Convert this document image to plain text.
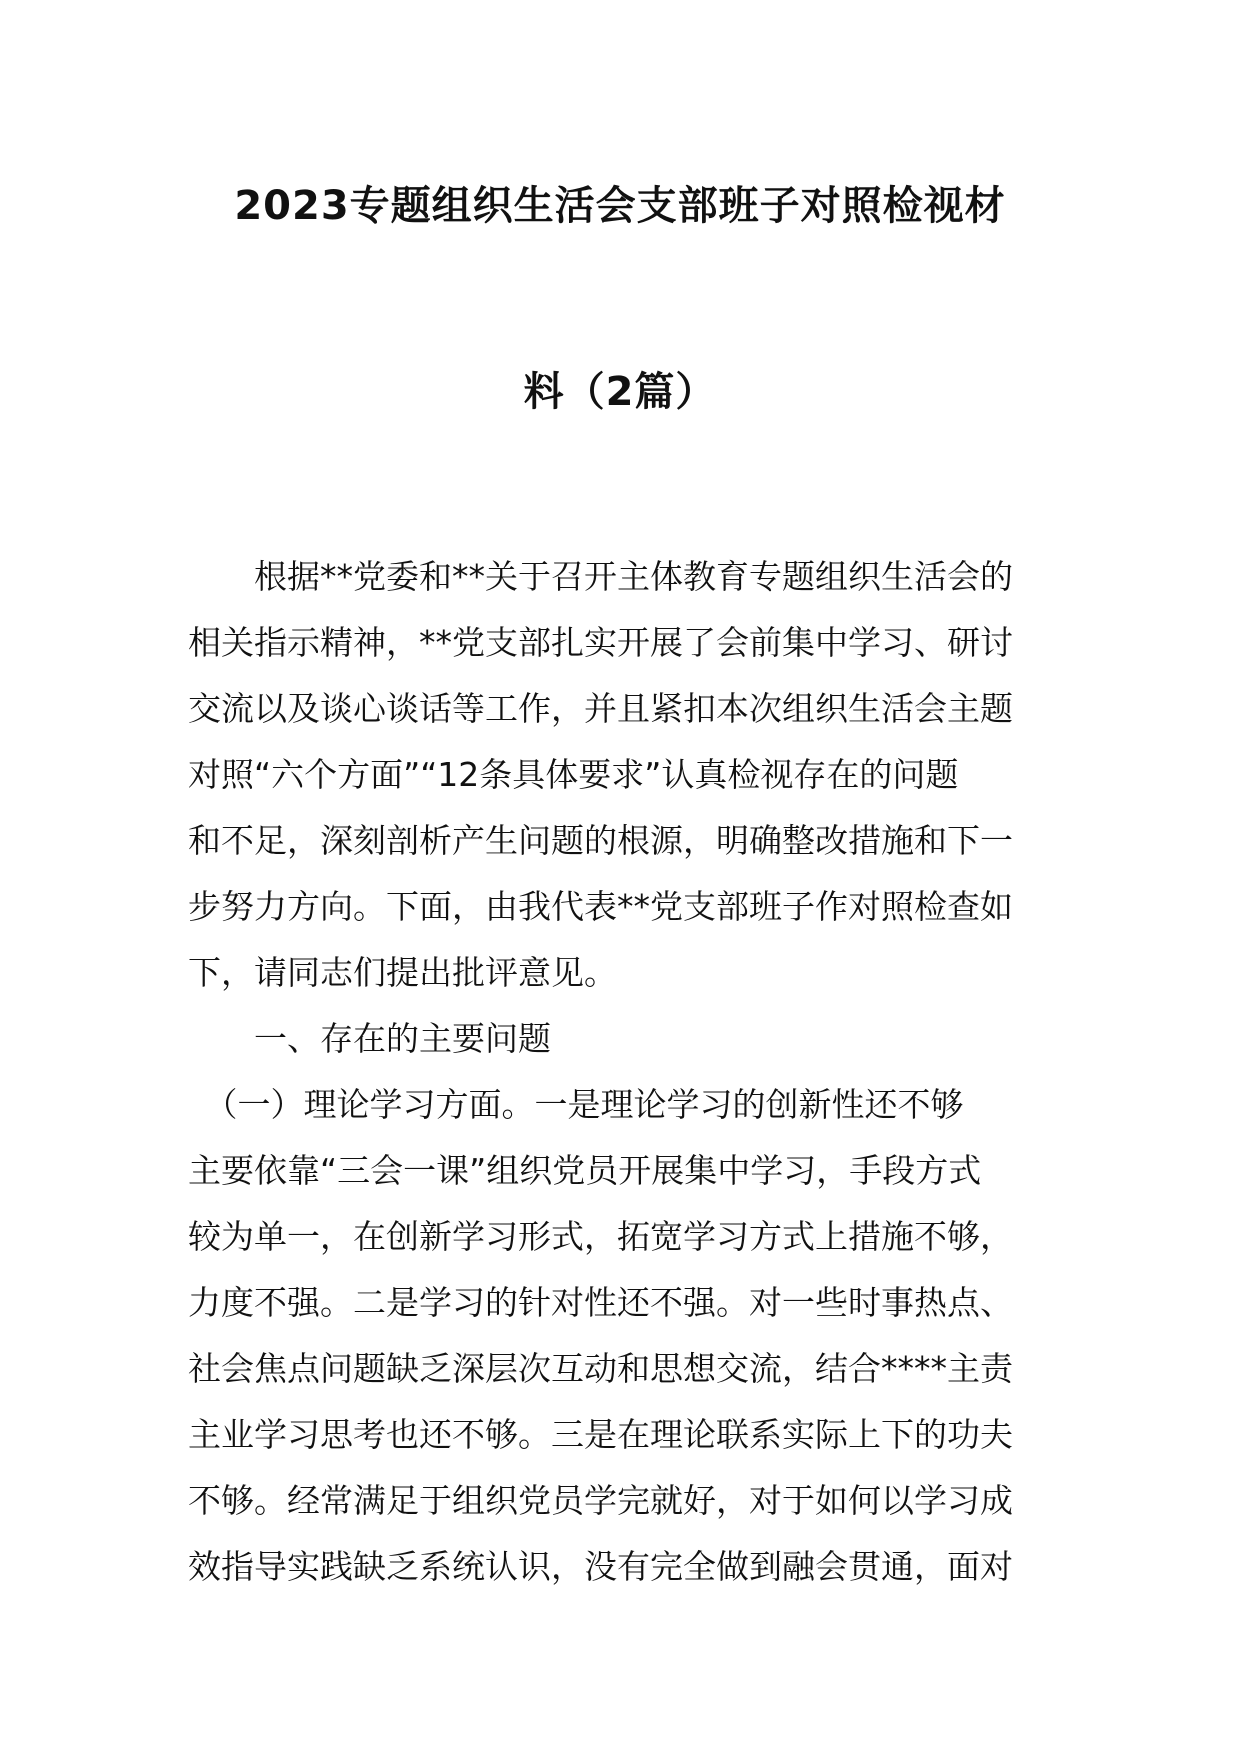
2023专题组织生活会支部班子对照检视材
料（2篇）
　　根据**党委和**关于召开主体教育专题组织生活会的
相关指示精神，**党支部扎实开展了会前集中学习、研讨
交流以及谈心谈话等工作，并且紧扣本次组织生活会主题
对照“六个方面”“12条具体要求”认真检视存在的问题
和不足，深刻剖析产生问题的根源，明确整改措施和下一
步努力方向。下面，由我代表**党支部班子作对照检查如
下，请同志们提出批评意见。
　　一、存在的主要问题
　（一）理论学习方面。一是理论学习的创新性还不够
主要依靠“三会一课”组织党员开展集中学习，手段方式
较为单一，在创新学习形式，拓宽学习方式上措施不够，
力度不强。二是学习的针对性还不强。对一些时事热点、
社会焦点问题缺乏深层次互动和思想交流，结合****主责
主业学习思考也还不够。三是在理论联系实际上下的功夫
不够。经常满足于组织党员学完就好，对于如何以学习成
效指导实践缺乏系统认识，没有完全做到融会贯通，面对
